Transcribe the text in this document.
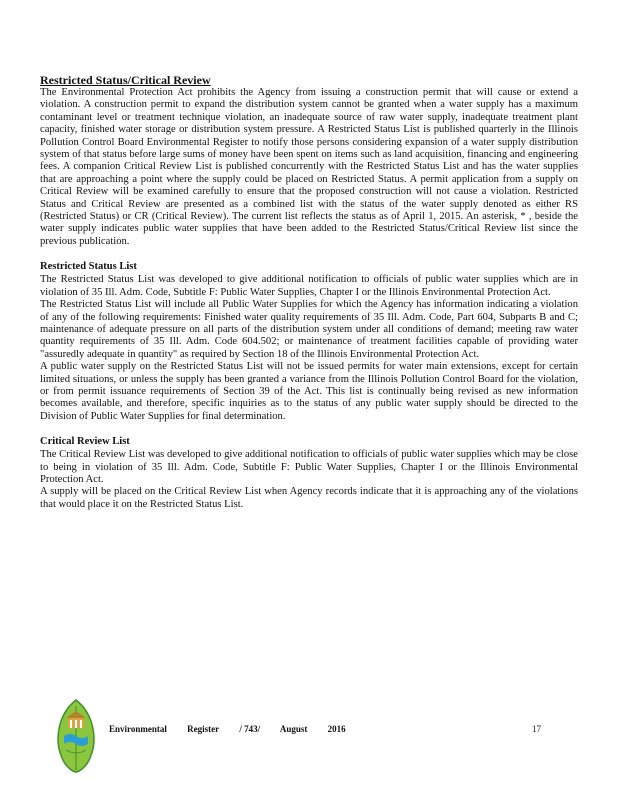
Restricted Status/Critical Review

The Environmental Protection Act prohibits the Agency from issuing a construction permit that will cause or extend a violation. A construction permit to expand the distribution system cannot be granted when a water supply has a maximum contaminant level or treatment technique violation, an inadequate source of raw water supply, inadequate treatment plant capacity, finished water storage or distribution system pressure. A Restricted Status List is published quarterly in the Illinois Pollution Control Board Environmental Register to notify those persons considering expansion of a water supply distribution system of that status before large sums of money have been spent on items such as land acquisition, financing and engineering fees. A companion Critical Review List is published concurrently with the Restricted Status List and has the water supplies that are approaching a point where the supply could be placed on Restricted Status. A permit application from a supply on Critical Review will be examined carefully to ensure that the proposed construction will not cause a violation. Restricted Status and Critical Review are presented as a combined list with the status of the water supply denoted as either RS (Restricted Status) or CR (Critical Review). The current list reflects the status as of April 1, 2015. An asterisk, * , beside the water supply indicates public water supplies that have been added to the Restricted Status/Critical Review list since the previous publication.

Restricted Status List

The Restricted Status List was developed to give additional notification to officials of public water supplies which are in violation of 35 Ill. Adm. Code, Subtitle F: Public Water Supplies, Chapter I or the Illinois Environmental Protection Act.

The Restricted Status List will include all Public Water Supplies for which the Agency has information indicating a violation of any of the following requirements: Finished water quality requirements of 35 Ill. Adm. Code, Part 604, Subparts B and C; maintenance of adequate pressure on all parts of the distribution system under all conditions of demand; meeting raw water quantity requirements of 35 Ill. Adm. Code 604.502; or maintenance of treatment facilities capable of providing water "assuredly adequate in quantity" as required by Section 18 of the Illinois Environmental Protection Act.

A public water supply on the Restricted Status List will not be issued permits for water main extensions, except for certain limited situations, or unless the supply has been granted a variance from the Illinois Pollution Control Board for the violation, or from permit issuance requirements of Section 39 of the Act. This list is continually being revised as new information becomes available, and therefore, specific inquiries as to the status of any public water supply should be directed to the Division of Public Water Supplies for final determination.

Critical Review List

The Critical Review List was developed to give additional notification to officials of public water supplies which may be close to being in violation of 35 Ill. Adm. Code, Subtitle F: Public Water Supplies, Chapter I or the Illinois Environmental Protection Act.

A supply will be placed on the Critical Review List when Agency records indicate that it is approaching any of the violations that would place it on the Restricted Status List.

Environmental Register / 743/ August 2016	17
